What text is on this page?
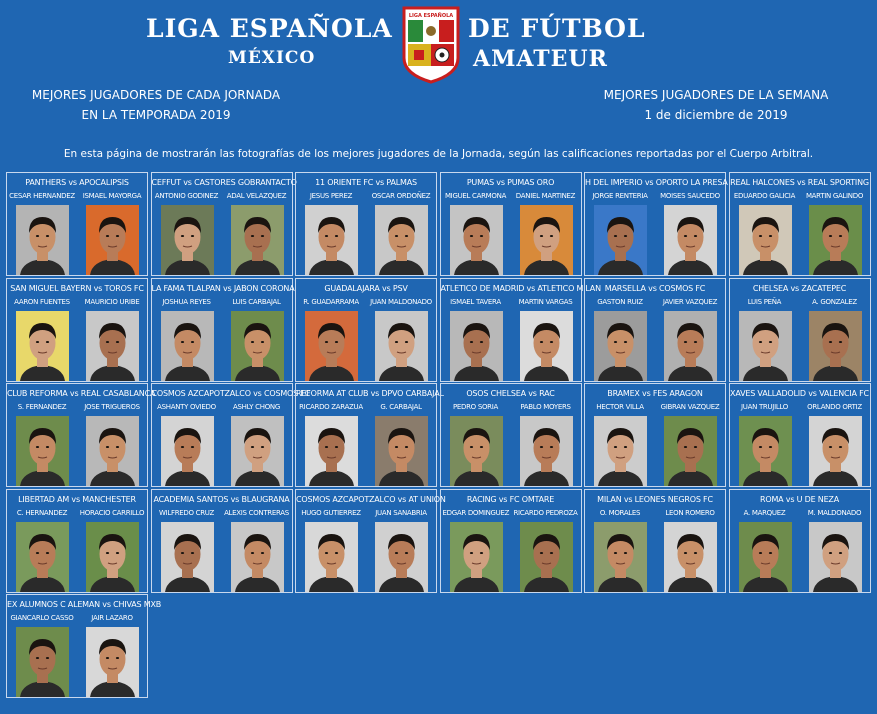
LIGA ESPAÑOLA	DE FÚTBOL
MÉXICO	AMATEUR
LIGA ESPAÑOLA
MEJORES JUGADORES DE CADA JORNADA
EN LA TEMPORADA 2019
MEJORES JUGADORES DE LA SEMANA
1 de diciembre de 2019
En esta página de mostrarán las fotografías de los mejores jugadores de la Jornada, según las calificaciones reportadas por el Cuerpo Arbitral.
PANTHERS vs APOCALIPSIS
CESAR HERNANDEZ	ISMAEL MAYORGA
CEFFUT vs CASTORES GOBRANTACTO
ANTONIO GODINEZ	ADAL VELAZQUEZ
11 ORIENTE FC vs PALMAS
JESUS PEREZ	OSCAR ORDOÑEZ
PUMAS vs PUMAS ORO
MIGUEL CARMONA	DANIEL MARTINEZ
H DEL IMPERIO vs OPORTO LA PRESA
JORGE RENTERIA	MOISES SAUCEDO
REAL HALCONES vs REAL SPORTING
EDUARDO GALICIA	MARTIN GALINDO
SAN MIGUEL BAYERN vs TOROS FC
AARON FUENTES	MAURICIO URIBE
LA FAMA TLALPAN vs JABON CORONA
JOSHUA REYES	LUIS CARBAJAL
GUADALAJARA vs PSV
R. GUADARRAMA	JUAN MALDONADO
ATLETICO DE MADRID vs ATLETICO MILAN
ISMAEL TAVERA	MARTIN VARGAS
MARSELLA vs COSMOS FC
GASTON RUIZ	JAVIER VAZQUEZ
CHELSEA vs ZACATEPEC
LUIS PEÑA	A. GONZALEZ
CLUB REFORMA vs REAL CASABLANCA
S. FERNANDEZ	JOSE TRIGUEROS
COSMOS AZCAPOTZALCO vs COSMOS FC
ASHANTY OVIEDO	ASHLY CHONG
REFORMA AT CLUB vs DPVO CARBAJAL
RICARDO ZARAZUA	G. CARBAJAL
OSOS CHELSEA vs RAC
PEDRO SORIA	PABLO MOYERS
BRAMEX vs FES ARAGON
HECTOR VILLA	GIBRAN VAZQUEZ
XAVES VALLADOLID vs VALENCIA FC
JUAN TRUJILLO	ORLANDO ORTIZ
LIBERTAD AM vs MANCHESTER
C. HERNANDEZ	HORACIO CARRILLO
ACADEMIA SANTOS vs BLAUGRANA
WILFREDO CRUZ	ALEXIS CONTRERAS
COSMOS AZCAPOTZALCO vs AT UNION
HUGO GUTIERREZ	JUAN SANABRIA
RACING vs FC OMTARE
EDGAR DOMINGUEZ RICARDO PEDROZA
MILAN vs LEONES NEGROS FC
O. MORALES	LEON ROMERO
ROMA vs U DE NEZA
A. MARQUEZ	M. MALDONADO
EX ALUMNOS C ALEMAN vs CHIVAS MXB
GIANCARLO CASSO	JAIR LAZARO
